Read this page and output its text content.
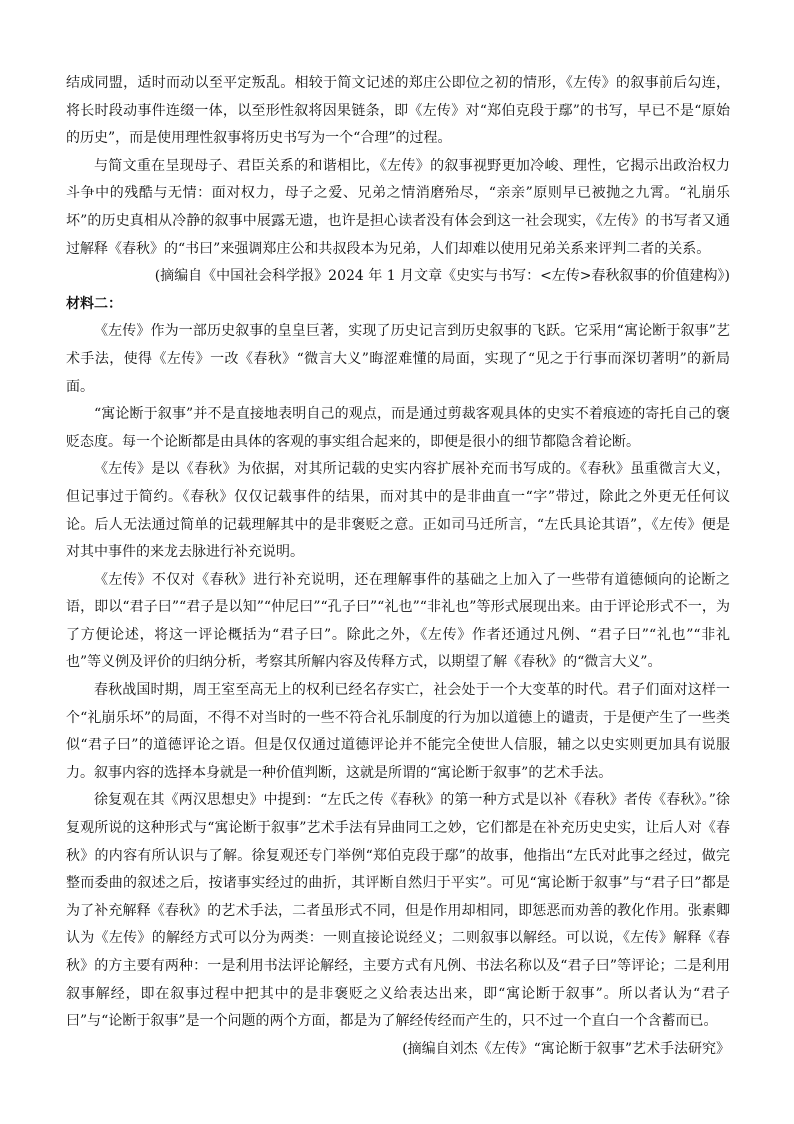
结成同盟，适时而动以至平定叛乱。相较于简文记述的郑庄公即位之初的情形，《左传》的叙事前后勾连，将长时段动事件连缀一体，以至形性叙将因果链条，即《左传》对“郑伯克段于鄢”的书写，早已不是“原始的历史”，而是使用理性叙事将历史书写为一个“合理”的过程。

与简文重在呈现母子、君臣关系的和谐相比，《左传》的叙事视野更加冷峻、理性，它揭示出政治权力斗争中的残酷与无情：面对权力，母子之爱、兄弟之情消磨殆尽，“亲亲”原则早已被抛之九霄。“礼崩乐坏”的历史真相从冷静的叙事中展露无遗，也许是担心读者没有体会到这一社会现实，《左传》的书写者又通过解释《春秋》的“书曰”来强调郑庄公和共叔段本为兄弟，人们却难以使用兄弟关系来评判二者的关系。

(摘编自《中国社会科学报》2024 年 1 月文章《史实与书写：<左传>春秋叙事的价值建构》)

材料二：

《左传》作为一部历史叙事的皇皇巨著，实现了历史记言到历史叙事的飞跃。它采用“寓论断于叙事”艺术手法，使得《左传》一改《春秋》“微言大义”晦涩难懂的局面，实现了“见之于行事而深切著明”的新局面。

“寓论断于叙事”并不是直接地表明自己的观点，而是通过剪裁客观具体的史实不着痕迹的寄托自己的褒贬态度。每一个论断都是由具体的客观的事实组合起来的，即便是很小的细节都隐含着论断。

《左传》是以《春秋》为依据，对其所记载的史实内容扩展补充而书写成的。《春秋》虽重微言大义，但记事过于简约。《春秋》仅仅记载事件的结果，而对其中的是非曲直一“字”带过，除此之外更无任何议论。后人无法通过简单的记载理解其中的是非褒贬之意。正如司马迁所言，“左氏具论其语”，《左传》便是对其中事件的来龙去脉进行补充说明。

《左传》不仅对《春秋》进行补充说明，还在理解事件的基础之上加入了一些带有道德倾向的论断之语，即以“君子曰”“君子是以知”“仲尼曰”“孔子曰”“礼也”“非礼也”等形式展现出来。由于评论形式不一，为了方便论述，将这一评论概括为“君子曰”。除此之外，《左传》作者还通过凡例、“君子曰”“礼也”“非礼也”等义例及评价的归纳分析，考察其所解内容及传释方式，以期望了解《春秋》的“微言大义”。

春秋战国时期，周王室至高无上的权利已经名存实亡，社会处于一个大变革的时代。君子们面对这样一个“礼崩乐坏”的局面，不得不对当时的一些不符合礼乐制度的行为加以道德上的谴责，于是便产生了一些类似“君子曰”的道德评论之语。但是仅仅通过道德评论并不能完全使世人信服，辅之以史实则更加具有说服力。叙事内容的选择本身就是一种价值判断，这就是所谓的“寓论断于叙事”的艺术手法。

徐复观在其《两汉思想史》中提到：“左氏之传《春秋》的第一种方式是以补《春秋》者传《春秋》。”徐复观所说的这种形式与“寓论断于叙事”艺术手法有异曲同工之妙，它们都是在补充历史史实，让后人对《春秋》的内容有所认识与了解。徐复观还专门举例“郑伯克段于鄢”的故事，他指出“左氏对此事之经过，做完整而委曲的叙述之后，按诸事实经过的曲折，其评断自然归于平实”。可见“寓论断于叙事”与“君子曰”都是为了补充解释《春秋》的艺术手法，二者虽形式不同，但是作用却相同，即惩恶而劝善的教化作用。张素卿认为《左传》的解经方式可以分为两类：一则直接论说经义；二则叙事以解经。可以说，《左传》解释《春秋》的方主要有两种：一是利用书法评论解经，主要方式有凡例、书法名称以及“君子曰”等评论；二是利用叙事解经，即在叙事过程中把其中的是非褒贬之义给表达出来，即“寓论断于叙事”。所以者认为“君子曰”与“论断于叙事”是一个问题的两个方面，都是为了解经传经而产生的，只不过一个直白一个含蓄而已。

(摘编自刘杰《左传》“寓论断于叙事”艺术手法研究》
